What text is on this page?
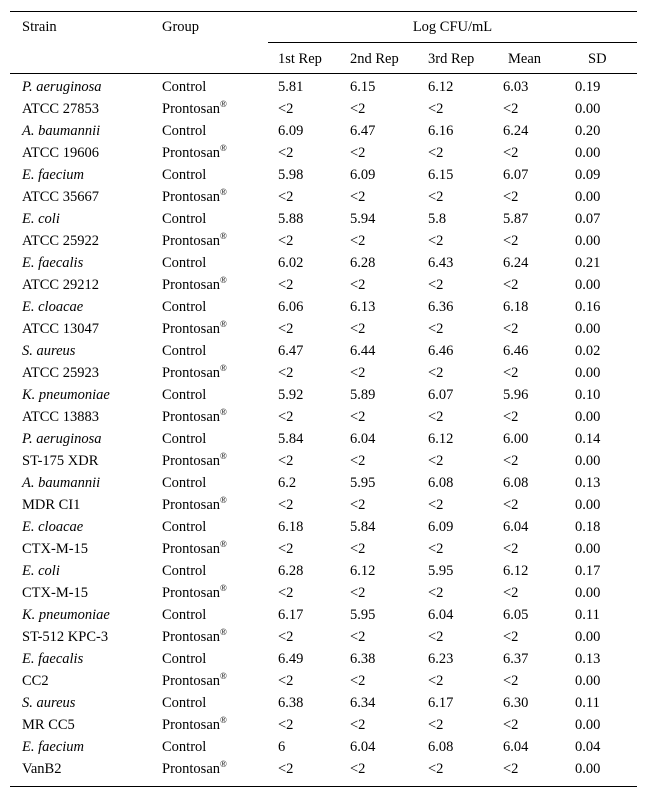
Strain	Group	Log CFU/mL
1st Rep 2nd Rep 3rd Rep Mean	SD
P. aeruginosa	Control	5.81	6.15	6.12	6.03	0.19
ATCC 27853	Prontosan®	<2	<2	<2	<2	0.00
A. baumannii	Control	6.09	6.47	6.16	6.24	0.20
ATCC 19606	Prontosan®	<2	<2	<2	<2	0.00
E. faecium	Control	5.98	6.09	6.15	6.07	0.09
ATCC 35667	Prontosan®	<2	<2	<2	<2	0.00
E. coli	Control	5.88	5.94	5.8	5.87	0.07
ATCC 25922	Prontosan®	<2	<2	<2	<2	0.00
E. faecalis	Control	6.02	6.28	6.43	6.24	0.21
ATCC 29212	Prontosan®	<2	<2	<2	<2	0.00
E. cloacae	Control	6.06	6.13	6.36	6.18	0.16
ATCC 13047	Prontosan®	<2	<2	<2	<2	0.00
S. aureus	Control	6.47	6.44	6.46	6.46	0.02
ATCC 25923	Prontosan®	<2	<2	<2	<2	0.00
K. pneumoniae	Control	5.92	5.89	6.07	5.96	0.10
ATCC 13883	Prontosan®	<2	<2	<2	<2	0.00
P. aeruginosa	Control	5.84	6.04	6.12	6.00	0.14
ST-175 XDR	Prontosan®	<2	<2	<2	<2	0.00
A. baumannii	Control	6.2	5.95	6.08	6.08	0.13
MDR CI1	Prontosan®	<2	<2	<2	<2	0.00
E. cloacae	Control	6.18	5.84	6.09	6.04	0.18
CTX-M-15	Prontosan®	<2	<2	<2	<2	0.00
E. coli	Control	6.28	6.12	5.95	6.12	0.17
CTX-M-15	Prontosan®	<2	<2	<2	<2	0.00
K. pneumoniae	Control	6.17	5.95	6.04	6.05	0.11
ST-512 KPC-3	Prontosan®	<2	<2	<2	<2	0.00
E. faecalis	Control	6.49	6.38	6.23	6.37	0.13
CC2	Prontosan®	<2	<2	<2	<2	0.00
S. aureus	Control	6.38	6.34	6.17	6.30	0.11
MR CC5	Prontosan®	<2	<2	<2	<2	0.00
E. faecium	Control	6	6.04	6.08	6.04	0.04
VanB2	Prontosan®	<2	<2	<2	<2	0.00
